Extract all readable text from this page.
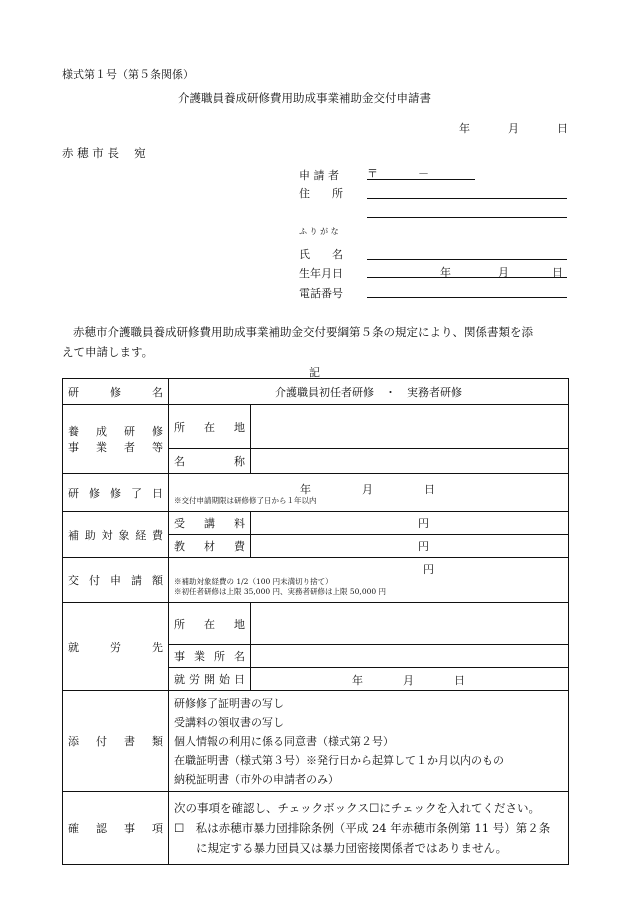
様式第１号（第５条関係）
介護職員養成研修費用助成事業補助金交付申請書
年	月	日
赤 穂 市 長　 宛
申 請 者	〒	－
住　　所
ふ り が な
氏　　名
生年月日	年	月	日
電話番号
赤穂市介護職員養成研修費用助成事業補助金交付要綱第５条の規定により、関係書類を添
えて申請します。
記
研　修　名	介護職員初任者研修　・　実務者研修	

養 成 研 修
事 業 者 等	所　在　地	
	名　　　称	
研修修了日	年 月 日
※交付申請期限は研修修了日から１年以内	

補助対象経費	受　講　料	円
	教　材　費	円
交付申請額	円
※補助対象経費の 1/2（100 円未満切り捨て）
※初任者研修は上限 35,000 円、実務者研修は上限 50,000 円	

就　労　先	所　在　地	
	事業所名	
	就労開始日	年 月 日

添付書類	研修修了証明書の写し
受講料の領収書の写し
個人情報の利用に係る同意書（様式第２号）
在職証明書（様式第３号）※発行日から起算して１か月以内のもの
納税証明書（市外の申請者のみ）	

確認事項	次の事項を確認し、チェックボックス☐にチェックを入れてください。
☐　私は赤穂市暴力団排除条例（平成 24 年赤穂市条例第 11 号）第２条
に規定する暴力団員又は暴力団密接関係者ではありません。	
